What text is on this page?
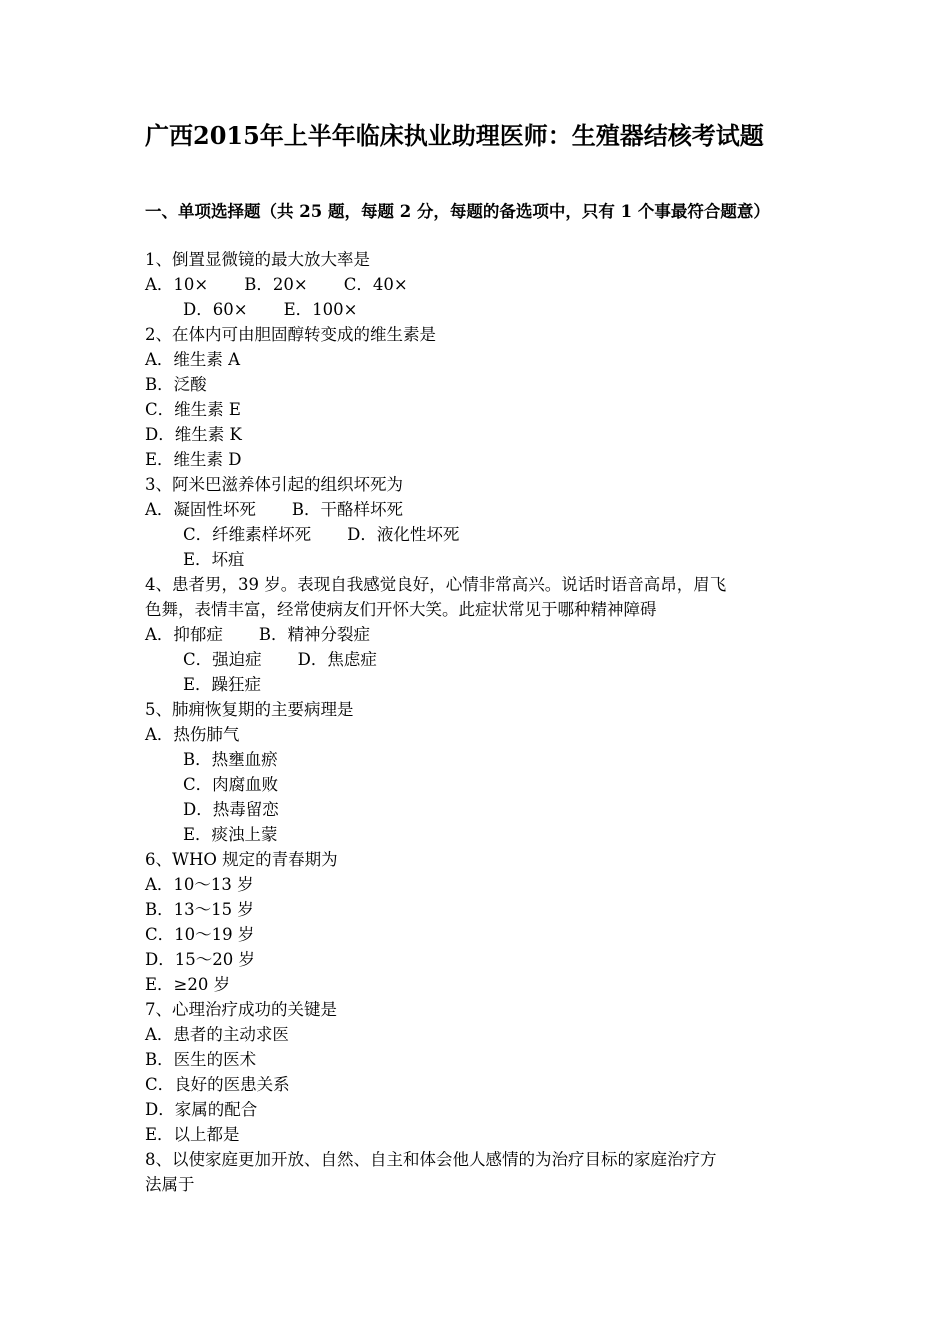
广西2015年上半年临床执业助理医师：生殖器结核考试题
一、单项选择题（共 25 题，每题 2 分，每题的备选项中，只有 1 个事最符合题意）
1、倒置显微镜的最大放大率是
A．10× B．20× C．40×
D．60× E．100×
2、在体内可由胆固醇转变成的维生素是
A．维生素 A
B．泛酸
C．维生素 E
D．维生素 K
E．维生素 D
3、阿米巴滋养体引起的组织坏死为
A．凝固性坏死 B．干酪样坏死
C．纤维素样坏死 D．液化性坏死
E．坏疽
4、患者男，39 岁。表现自我感觉良好，心情非常高兴。说话时语音高昂，眉飞
色舞，表情丰富，经常使病友们开怀大笑。此症状常见于哪种精神障碍
A．抑郁症 B．精神分裂症
C．强迫症 D．焦虑症
E．躁狂症
5、肺痈恢复期的主要病理是
A．热伤肺气
B．热壅血瘀
C．肉腐血败
D．热毒留恋
E．痰浊上蒙
6、WHO 规定的青春期为
A．10～13 岁
B．13～15 岁
C．10～19 岁
D．15～20 岁
E．≥20 岁
7、心理治疗成功的关键是
A．患者的主动求医
B．医生的医术
C．良好的医患关系
D．家属的配合
E．以上都是
8、以使家庭更加开放、自然、自主和体会他人感情的为治疗目标的家庭治疗方
法属于
